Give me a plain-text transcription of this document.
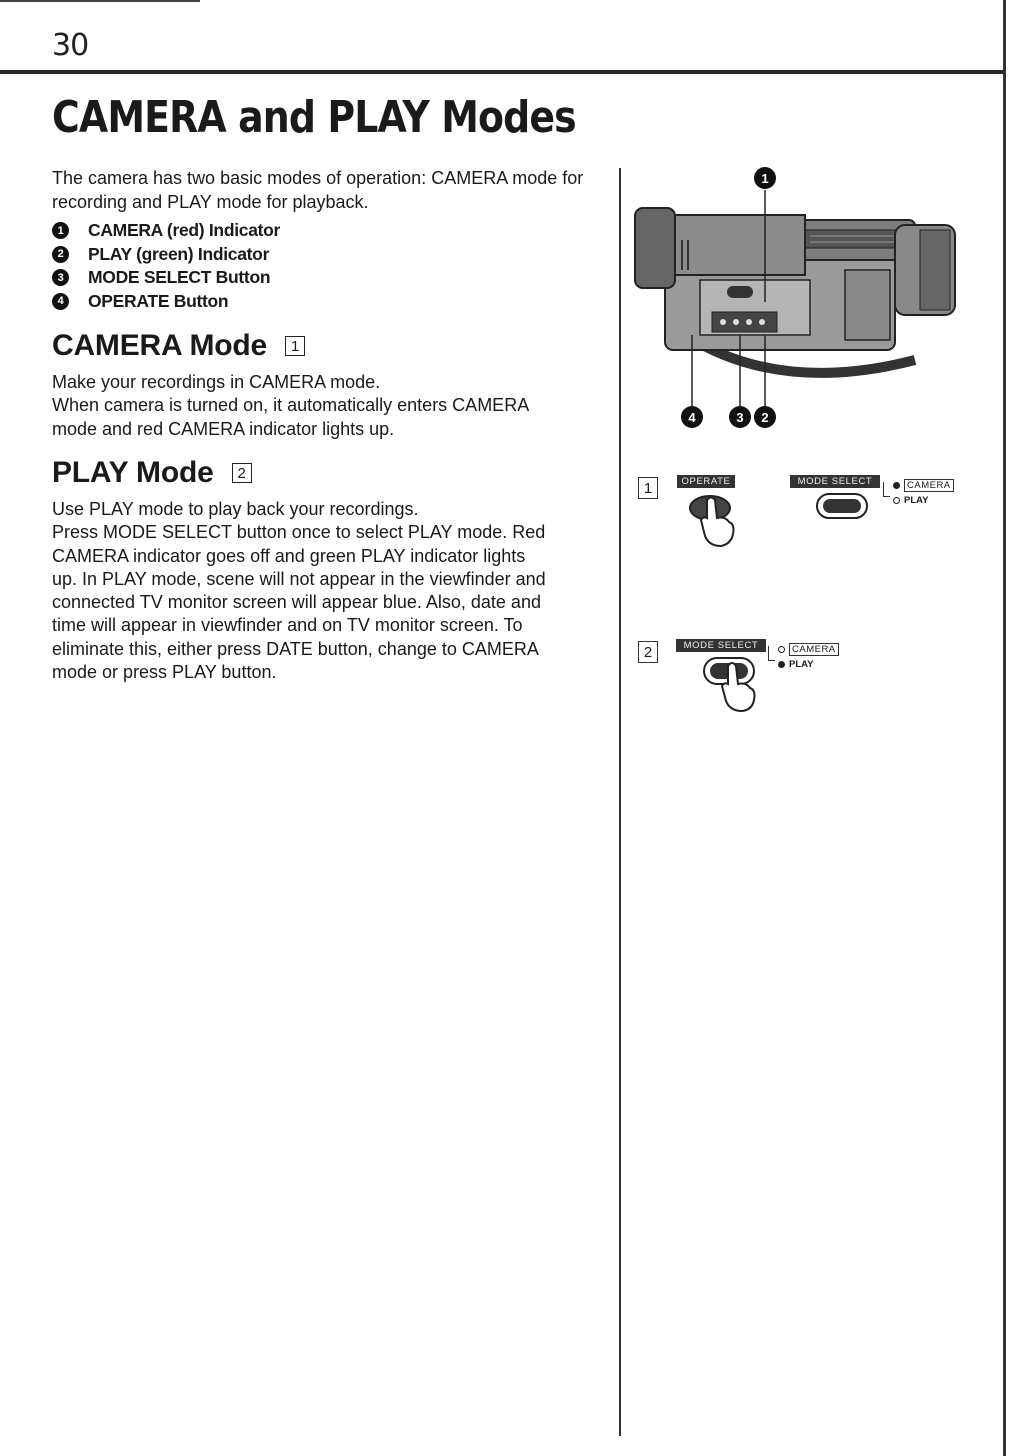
30
CAMERA and PLAY Modes

The camera has two basic modes of operation: CAMERA mode for recording and PLAY mode for playback.

1	CAMERA (red) Indicator
2	PLAY (green) Indicator
3	MODE SELECT Button
4	OPERATE Button
CAMERA Mode	1

Make your recordings in CAMERA mode.
When camera is turned on, it automatically enters CAMERA
mode and red CAMERA indicator lights up.

PLAY Mode	2

Use PLAY mode to play back your recordings.
Press MODE SELECT button once to select PLAY mode. Red
CAMERA indicator goes off and green PLAY indicator lights
up. In PLAY mode, scene will not appear in the viewfinder and
connected TV monitor screen will appear blue. Also, date and
time will appear in viewfinder and on TV monitor screen. To
eliminate this, either press DATE button, change to CAMERA
mode or press PLAY button.

1
4	3	2
1	OPERATE	MODE SELECT	CAMERA
PLAY
2	MODE SELECT	CAMERA
PLAY
